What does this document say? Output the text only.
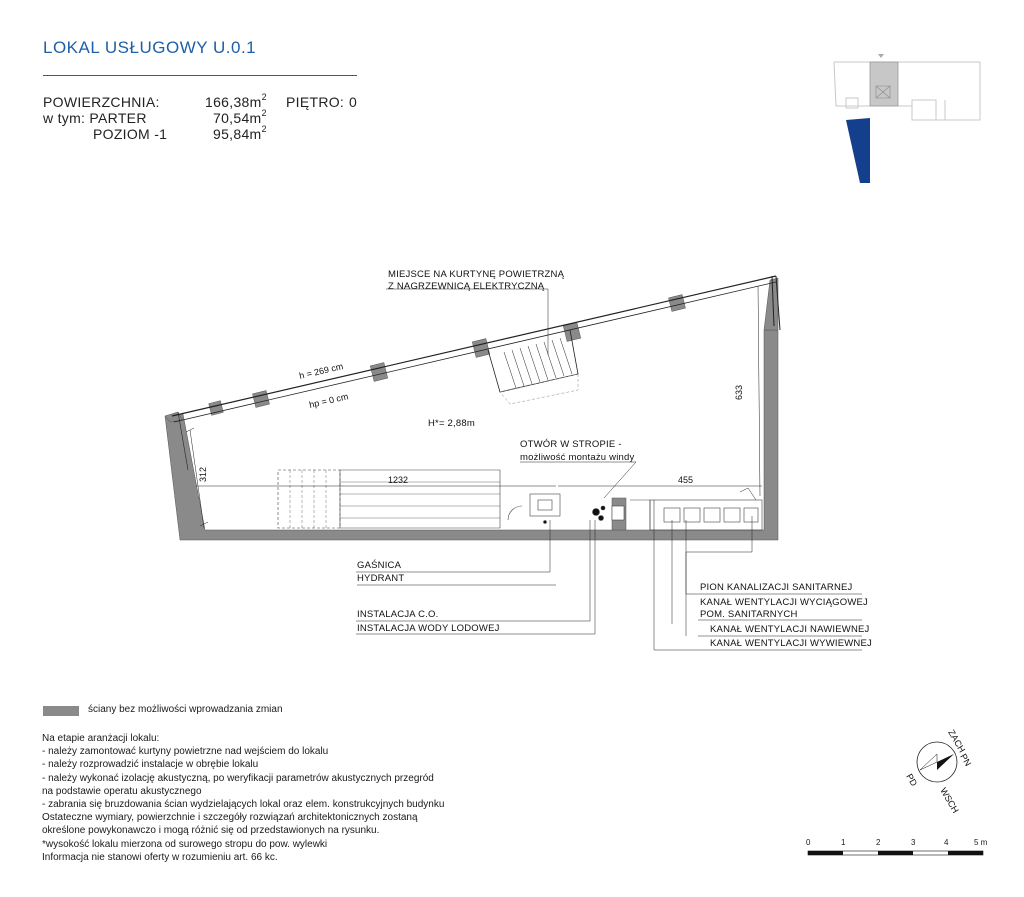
LOKAL USŁUGOWY U.0.1
POWIERZCHNIA:	$166,38m^2$ PIĘTRO: 0
w tym: PARTER	$70,54m^2$
POZIOM -1	$95,84m^2$
MIEJSCE NA KURTYNĘ POWIETRZNĄ
Z NAGRZEWNICĄ ELEKTRYCZNĄ
h = 269 cm
hp = 0 cm
H*= 2,88m
OTWÓR W STROPIE -
możliwość montażu windy
312	1232	455
633
GAŚNICA
HYDRANT
INSTALACJA C.O.
INSTALACJA WODY LODOWEJ
PION KANALIZACJI SANITARNEJ
KANAŁ WENTYLACJI WYCIĄGOWEJ
POM. SANITARNYCH
KANAŁ WENTYLACJI NAWIEWNEJ
KANAŁ WENTYLACJI WYWIEWNEJ
ZACH
PN
PD
WSCH
0	1	2	3	4	5 m
ściany bez możliwości wprowadzania zmian
Na etapie aranżacji lokalu:
- należy zamontować kurtyny powietrzne nad wejściem do lokalu
- należy rozprowadzić instalacje w obrębie lokalu
- należy wykonać izolację akustyczną, po weryfikacji parametrów akustycznych przegród
na podstawie operatu akustycznego
- zabrania się bruzdowania ścian wydzielających lokal oraz elem. konstrukcyjnych budynku
Ostateczne wymiary, powierzchnie i szczegóły rozwiązań architektonicznych zostaną
określone powykonawczo i mogą różnić się od przedstawionych na rysunku.
*wysokość lokalu mierzona od surowego stropu do pow. wylewki
Informacja nie stanowi oferty w rozumieniu art. 66 kc.
